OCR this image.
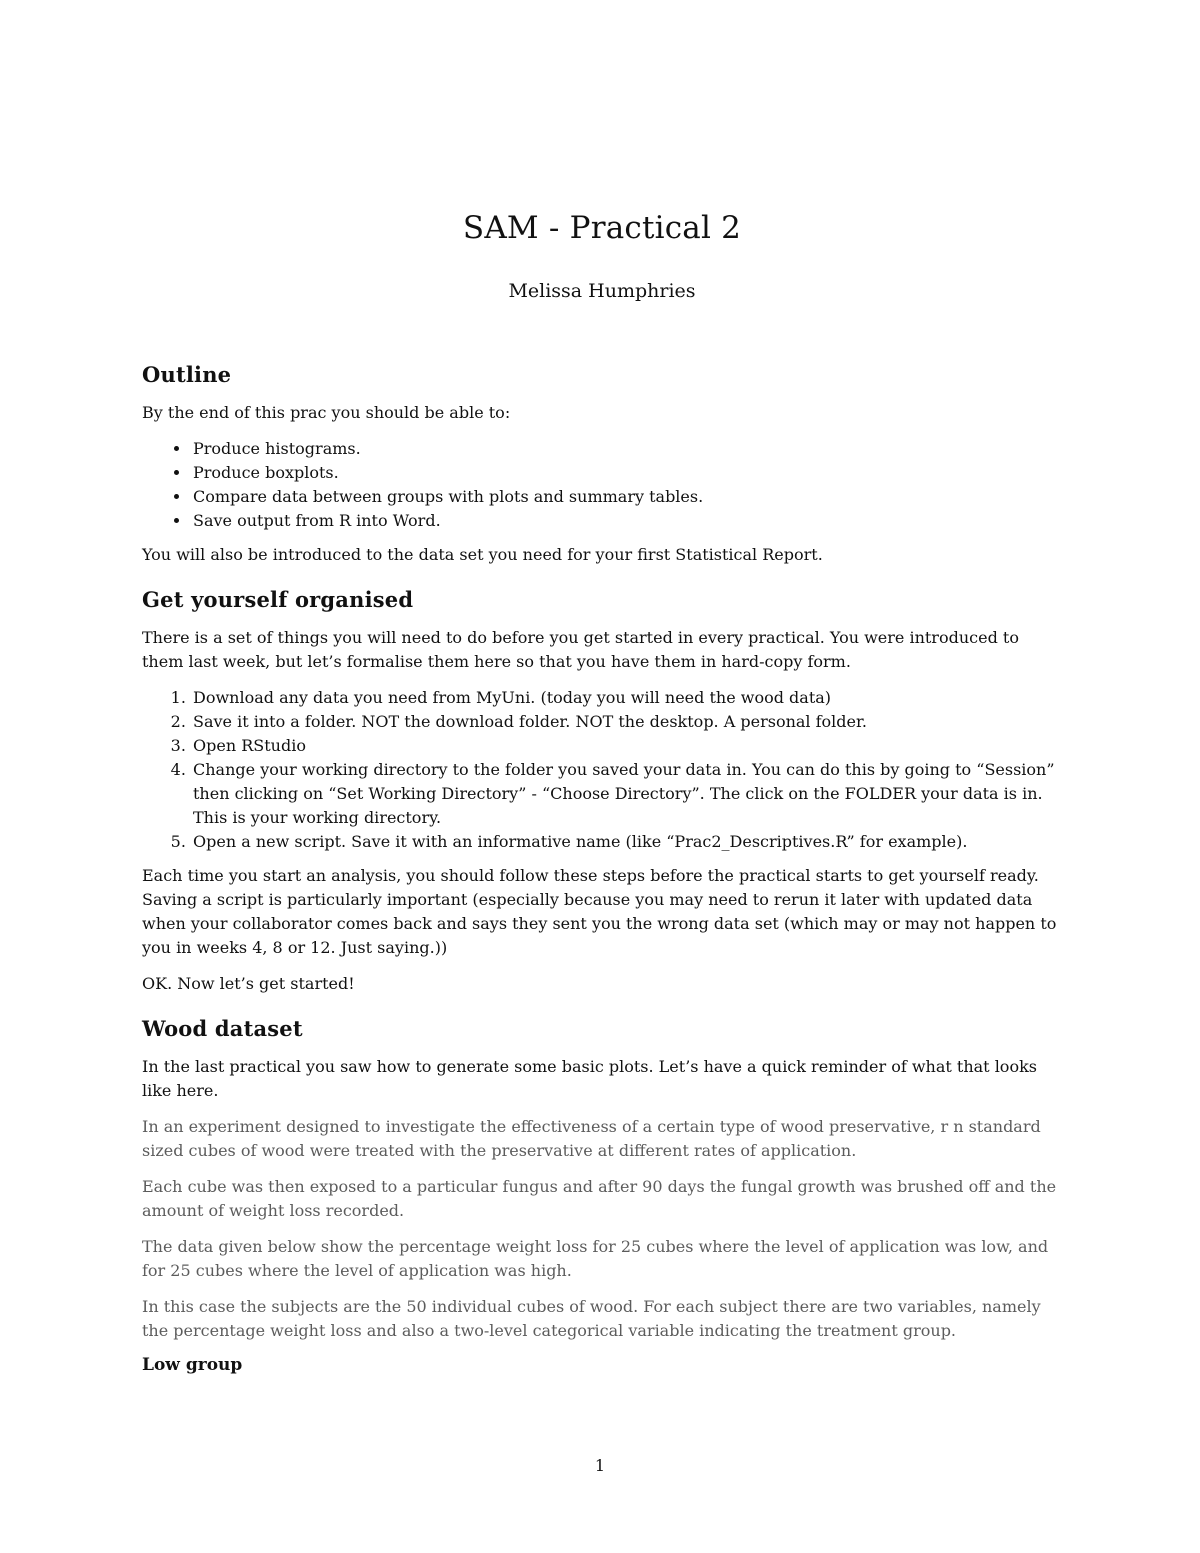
SAM - Practical 2
Melissa Humphries
Outline

By the end of this prac you should be able to:

• Produce histograms.
• Produce boxplots.
• Compare data between groups with plots and summary tables.
• Save output from R into Word.

You will also be introduced to the data set you need for your first Statistical Report.

Get yourself organised

There is a set of things you will need to do before you get started in every practical. You were introduced to them last week, but let’s formalise them here so that you have them in hard-copy form.

1. Download any data you need from MyUni. (today you will need the wood data)
2. Save it into a folder. NOT the download folder. NOT the desktop. A personal folder.
3. Open RStudio
4. Change your working directory to the folder you saved your data in. You can do this by going to “Session” then clicking on “Set Working Directory” - “Choose Directory”. The click on the FOLDER your data is in. This is your working directory.
5. Open a new script. Save it with an informative name (like “Prac2_Descriptives.R” for example).

Each time you start an analysis, you should follow these steps before the practical starts to get yourself ready. Saving a script is particularly important (especially because you may need to rerun it later with updated data when your collaborator comes back and says they sent you the wrong data set (which may or may not happen to you in weeks 4, 8 or 12. Just saying.))

OK. Now let’s get started!

Wood dataset

In the last practical you saw how to generate some basic plots. Let’s have a quick reminder of what that looks like here.

In an experiment designed to investigate the effectiveness of a certain type of wood preservative, r n standard sized cubes of wood were treated with the preservative at different rates of application.

Each cube was then exposed to a particular fungus and after 90 days the fungal growth was brushed off and the amount of weight loss recorded.

The data given below show the percentage weight loss for 25 cubes where the level of application was low, and for 25 cubes where the level of application was high.

In this case the subjects are the 50 individual cubes of wood. For each subject there are two variables, namely the percentage weight loss and also a two-level categorical variable indicating the treatment group.

Low group
1
